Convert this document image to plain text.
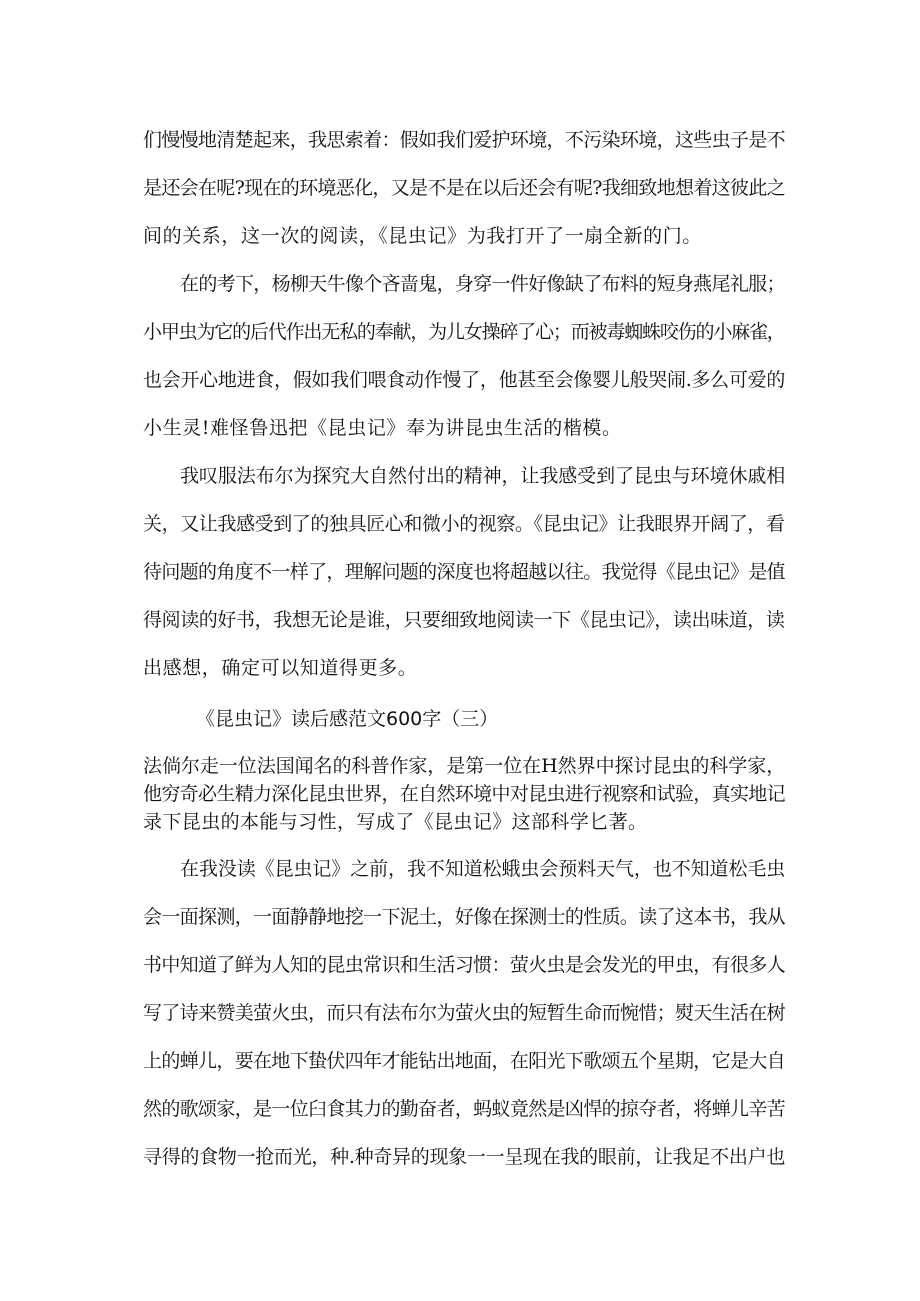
们慢慢地清楚起来，我思索着：假如我们爱护环境，不污染环境，这些虫子是不
是还会在呢?现在的环境恶化，又是不是在以后还会有呢?我细致地想着这彼此之
间的关系，这一次的阅读，《昆虫记》为我打开了一扇全新的门。
在的考下，杨柳天牛像个吝啬鬼，身穿一件好像缺了布料的短身燕尾礼服；
小甲虫为它的后代作出无私的奉献，为儿女操碎了心；而被毒蜘蛛咬伤的小麻雀，
也会开心地进食，假如我们喂食动作慢了，他甚至会像婴儿般哭闹.多么可爱的
小生灵!难怪鲁迅把《昆虫记》奉为讲昆虫生活的楷模。
我叹服法布尔为探究大自然付出的精神，让我感受到了昆虫与环境休戚相
关，又让我感受到了的独具匠心和微小的视察。《昆虫记》让我眼界开阔了，看
待问题的角度不一样了，理解问题的深度也将超越以往。我觉得《昆虫记》是值
得阅读的好书，我想无论是谁，只要细致地阅读一下《昆虫记》，读出味道，读
出感想，确定可以知道得更多。
《昆虫记》读后感范文600字（三）
法倘尔走一位法国闻名的科普作家，是第一位在H然界中探讨昆虫的科学家，
他穷奇必生精力深化昆虫世界，在自然环境中对昆虫进行视察和试验，真实地记
录下昆虫的本能与习性，写成了《昆虫记》这部科学匕著。
在我没读《昆虫记》之前，我不知道松蛾虫会预料天气，也不知道松毛虫
会一面探测，一面静静地挖一下泥土，好像在探测士的性质。读了这本书，我从
书中知道了鲜为人知的昆虫常识和生活习惯：萤火虫是会发光的甲虫，有很多人
写了诗来赞美萤火虫，而只有法布尔为萤火虫的短暂生命而惋惜；熨天生活在树
上的蝉儿，要在地下蛰伏四年才能钻出地面，在阳光下歌颂五个星期，它是大自
然的歌颂家，是一位臼食其力的勤奋者，蚂蚁竟然是凶悍的掠夺者，将蝉儿辛苦
寻得的食物一抢而光，种.种奇异的现象一一呈现在我的眼前，让我足不出户也
